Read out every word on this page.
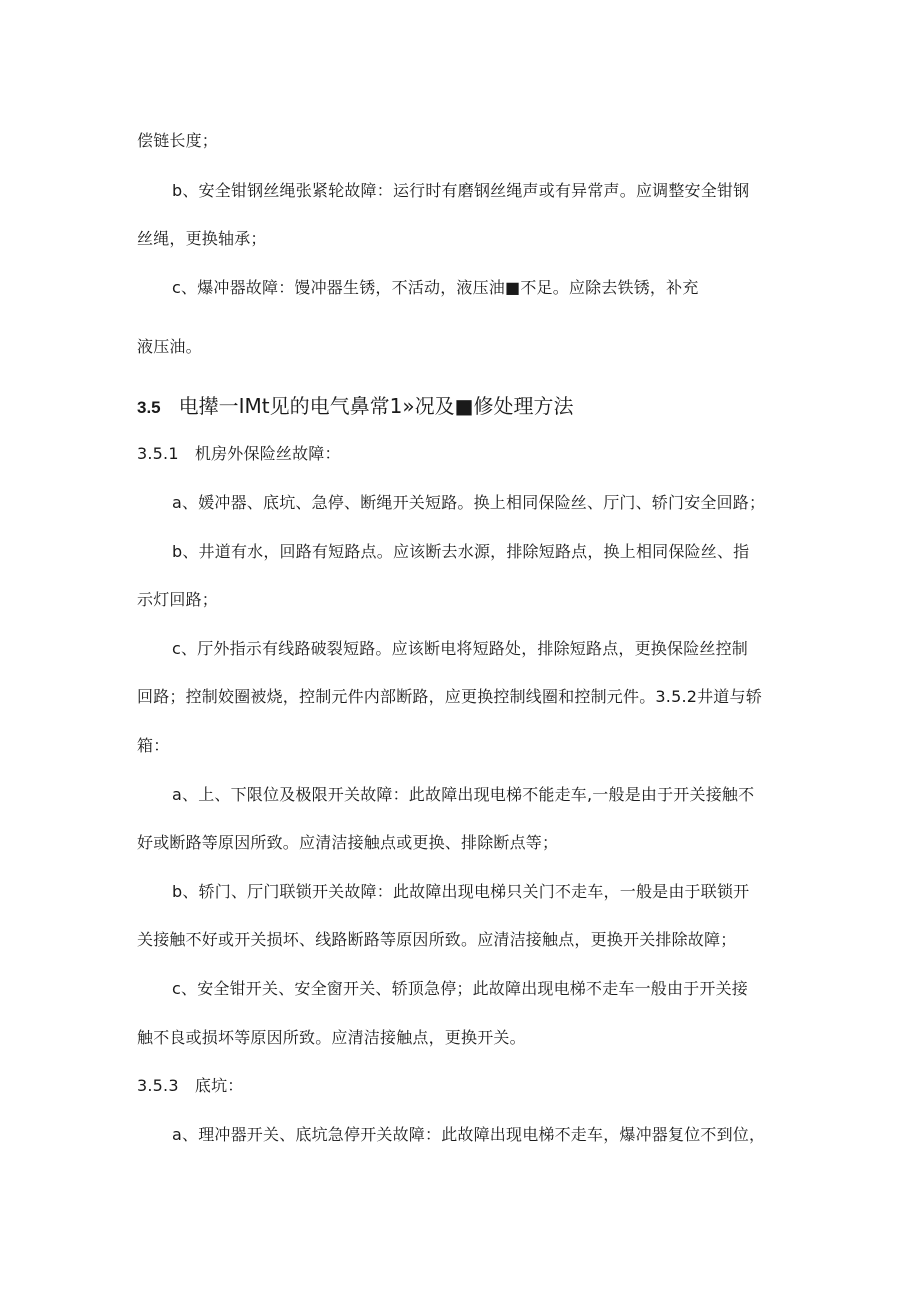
偿链长度；
b、安全钳钢丝绳张紧轮故障：运行时有磨钢丝绳声或有异常声。应调整安全钳钢
丝绳，更换轴承；
c、爆冲器故障：馒冲器生锈，不活动，液压油■不足。应除去铁锈，补充
液压油。
3.5 电撵一IMt见的电气鼻常1»况及■修处理方法
3.5.1　机房外保险丝故障：
a、媛冲器、底坑、急停、断绳开关短路。换上相同保险丝、厅门、轿门安全回路；
b、井道有水，回路有短路点。应该断去水源，排除短路点，换上相同保险丝、指
示灯回路；
c、厅外指示有线路破裂短路。应该断电将短路处，排除短路点，更换保险丝控制
回路；控制姣圈被烧，控制元件内部断路，应更换控制线圈和控制元件。3.5.2井道与轿
箱：
a、上、下限位及极限开关故障：此故障出现电梯不能走车,一般是由于开关接触不
好或断路等原因所致。应清洁接触点或更换、排除断点等；
b、轿门、厅门联锁开关故障：此故障出现电梯只关门不走车，一般是由于联锁开
关接触不好或开关损坏、线路断路等原因所致。应清洁接触点，更换开关排除故障；
c、安全钳开关、安全窗开关、轿顶急停；此故障出现电梯不走车一般由于开关接
触不良或损坏等原因所致。应清洁接触点，更换开关。
3.5.3　底坑：
a、理冲器开关、底坑急停开关故障：此故障出现电梯不走车，爆冲器复位不到位，
